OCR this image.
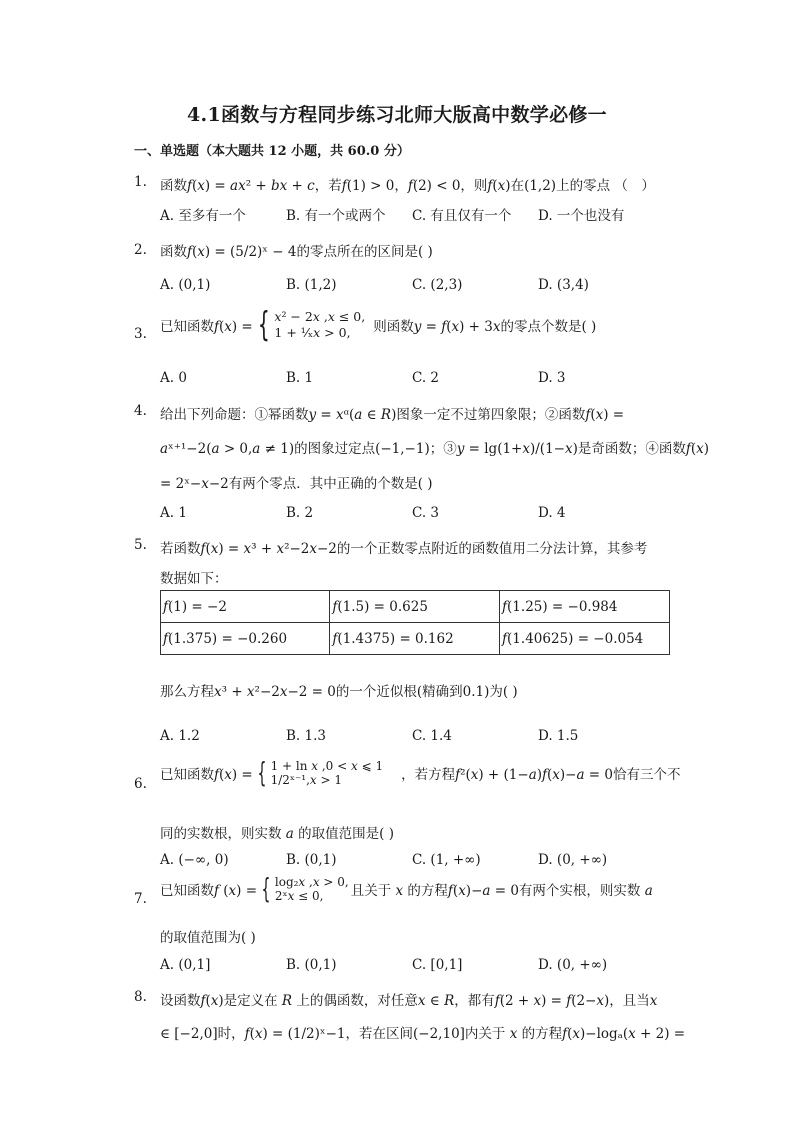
4.1函数与方程同步练习北师大版高中数学必修一
一、单选题（本大题共 12 小题，共 60.0 分）
1. 函数𝑓(𝑥) = 𝑎𝑥² + 𝑏𝑥 + 𝑐，若𝑓(1) > 0，𝑓(2) < 0，则𝑓(𝑥)在(1,2)上的零点 （　）
A. 至多有一个	B. 有一个或两个 C. 有且仅有一个 D. 一个也没有
2. 函数𝑓(𝑥) = (5/2)ˣ − 4的零点所在的区间是( )
A. (0,1)	B. (1,2)	C. (2,3)	D. (3,4)
3. 已知函数𝑓(𝑥) = { 𝑥² − 2𝑥 ,𝑥 ≤ 0,
1 + ¹⁄ₓ𝑥 > 0,	则函数𝑦 = 𝑓(𝑥) + 3𝑥的零点个数是( )
A. 0	B. 1	C. 2	D. 3
4. 给出下列命题：①幂函数𝑦 = 𝑥ᵅ(𝑎 ∈ 𝑅)图象一定不过第四象限；②函数𝑓(𝑥) =
𝑎ˣ⁺¹−2(𝑎 > 0,𝑎 ≠ 1)的图象过定点(−1,−1)；③𝑦 = lg(1+𝑥)/(1−𝑥)是奇函数；④函数𝑓(𝑥)
= 2ˣ−𝑥−2有两个零点．其中正确的个数是( )
A. 1	B. 2	C. 3	D. 4
5. 若函数𝑓(𝑥) = 𝑥³ + 𝑥²−2𝑥−2的一个正数零点附近的函数值用二分法计算，其参考
数据如下：
𝑓(1) = −2	𝑓(1.5) = 0.625	𝑓(1.25) = −0.984
𝑓(1.375) = −0.260	𝑓(1.4375) = 0.162	𝑓(1.40625) = −0.054
那么方程𝑥³ + 𝑥²−2𝑥−2 = 0的一个近似根(精确到0.1)为( )
A. 1.2	B. 1.3	C. 1.4	D. 1.5
6.
已知函数𝑓(𝑥) = { 1 + ln 𝑥 ,0 < 𝑥 ⩽ 1
1/2ˣ⁻¹,𝑥 > 1	，若方程𝑓²(𝑥) + (1−𝑎)𝑓(𝑥)−𝑎 = 0恰有三个不
同的实数根，则实数 𝑎 的取值范围是( )
A. (−∞, 0)	B. (0,1)	C. (1, +∞)	D. (0, +∞)
7. 已知函数𝑓 (𝑥) = { log₂𝑥 ,𝑥 > 0,
2ˣ𝑥 ≤ 0,	且关于 𝑥 的方程𝑓(𝑥)−𝑎 = 0有两个实根，则实数 𝑎
的取值范围为( )
A. (0,1]	B. (0,1)	C. [0,1]	D. (0, +∞)
8. 设函数𝑓(𝑥)是定义在 𝑅 上的偶函数，对任意𝑥 ∈ 𝑅，都有𝑓(2 + 𝑥) = 𝑓(2−𝑥)，且当𝑥
∈ [−2,0]时，𝑓(𝑥) = (1/2)ˣ−1，若在区间(−2,10]内关于 𝑥 的方程𝑓(𝑥)−logₐ(𝑥 + 2) =
